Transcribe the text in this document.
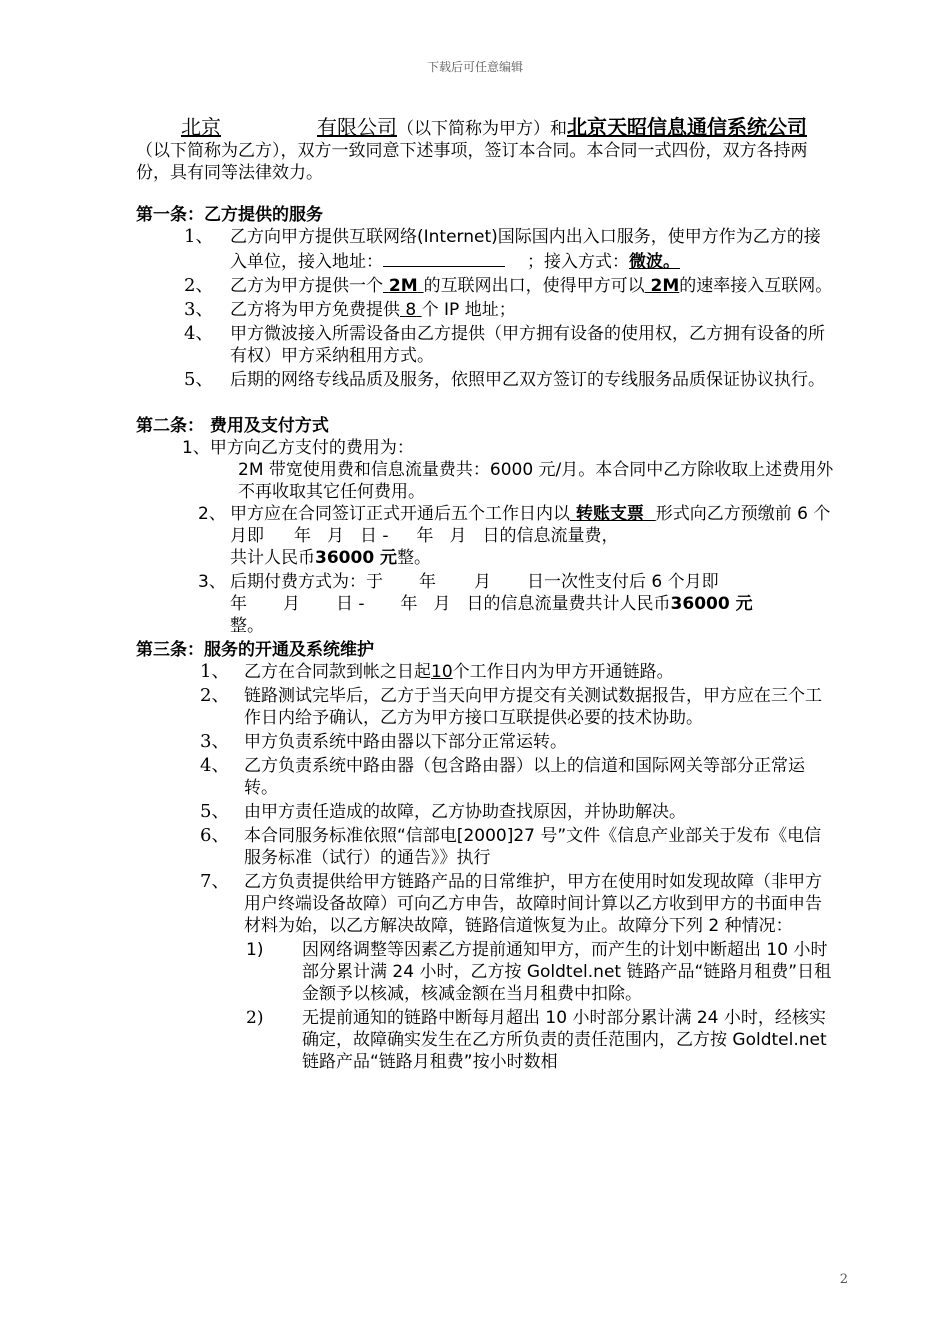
下载后可任意编辑

北京	有限公司（以下简称为甲方）和北京天昭信息通信系统公司（以下简称为乙方），双方一致同意下述事项，签订本合同。本合同一式四份，双方各持两份，具有同等法律效力。

第一条：乙方提供的服务

1、 乙方向甲方提供互联网络(Internet)国际国内出入口服务，使甲方作为乙方的接入单位，接入地址：	；接入方式：微波。
2、 乙方为甲方提供一个 2M 的互联网出口，使得甲方可以 2M的速率接入互联网。
3、 乙方将为甲方免费提供 8 个 IP 地址；
4、 甲方微波接入所需设备由乙方提供（甲方拥有设备的使用权，乙方拥有设备的所有权）甲方采纳租用方式。
5、 后期的网络专线品质及服务，依照甲乙双方签订的专线服务品质保证协议执行。

第二条： 费用及支付方式

1、甲方向乙方支付的费用为：
2M 带宽使用费和信息流量费共：6000 元/月。本合同中乙方除收取上述费用外不再收取其它任何费用。
2、 甲方应在合同签订正式开通后五个工作日内以 转账支票 形式向乙方预缴前 6 个月即 年 月 日 - 年 月 日的信息流量费，
共计人民币36000 元整。
3、 后期付费方式为：于 年 月 日一次性支付后 6 个月即
年 月 日 - 年 月 日的信息流量费共计人民币36000 元
整。

第三条：服务的开通及系统维护

1、 乙方在合同款到帐之日起10个工作日内为甲方开通链路。
2、 链路测试完毕后，乙方于当天向甲方提交有关测试数据报告，甲方应在三个工作日内给予确认，乙方为甲方接口互联提供必要的技术协助。
3、 甲方负责系统中路由器以下部分正常运转。
4、 乙方负责系统中路由器（包含路由器）以上的信道和国际网关等部分正常运转。
5、 由甲方责任造成的故障，乙方协助查找原因，并协助解决。
6、 本合同服务标准依照“信部电[2000]27 号”文件《信息产业部关于发布《电信服务标准（试行）的通告》》执行
7、 乙方负责提供给甲方链路产品的日常维护，甲方在使用时如发现故障（非甲方用户终端设备故障）可向乙方申告，故障时间计算以乙方收到甲方的书面申告材料为始，以乙方解决故障，链路信道恢复为止。故障分下列 2 种情况：
1)	因网络调整等因素乙方提前通知甲方，而产生的计划中断超出 10 小时部分累计满 24 小时，乙方按 Goldtel.net 链路产品“链路月租费”日租金额予以核减，核减金额在当月租费中扣除。
2)	无提前通知的链路中断每月超出 10 小时部分累计满 24 小时，经核实确定，故障确实发生在乙方所负责的责任范围内，乙方按 Goldtel.net 链路产品“链路月租费”按小时数相
2
